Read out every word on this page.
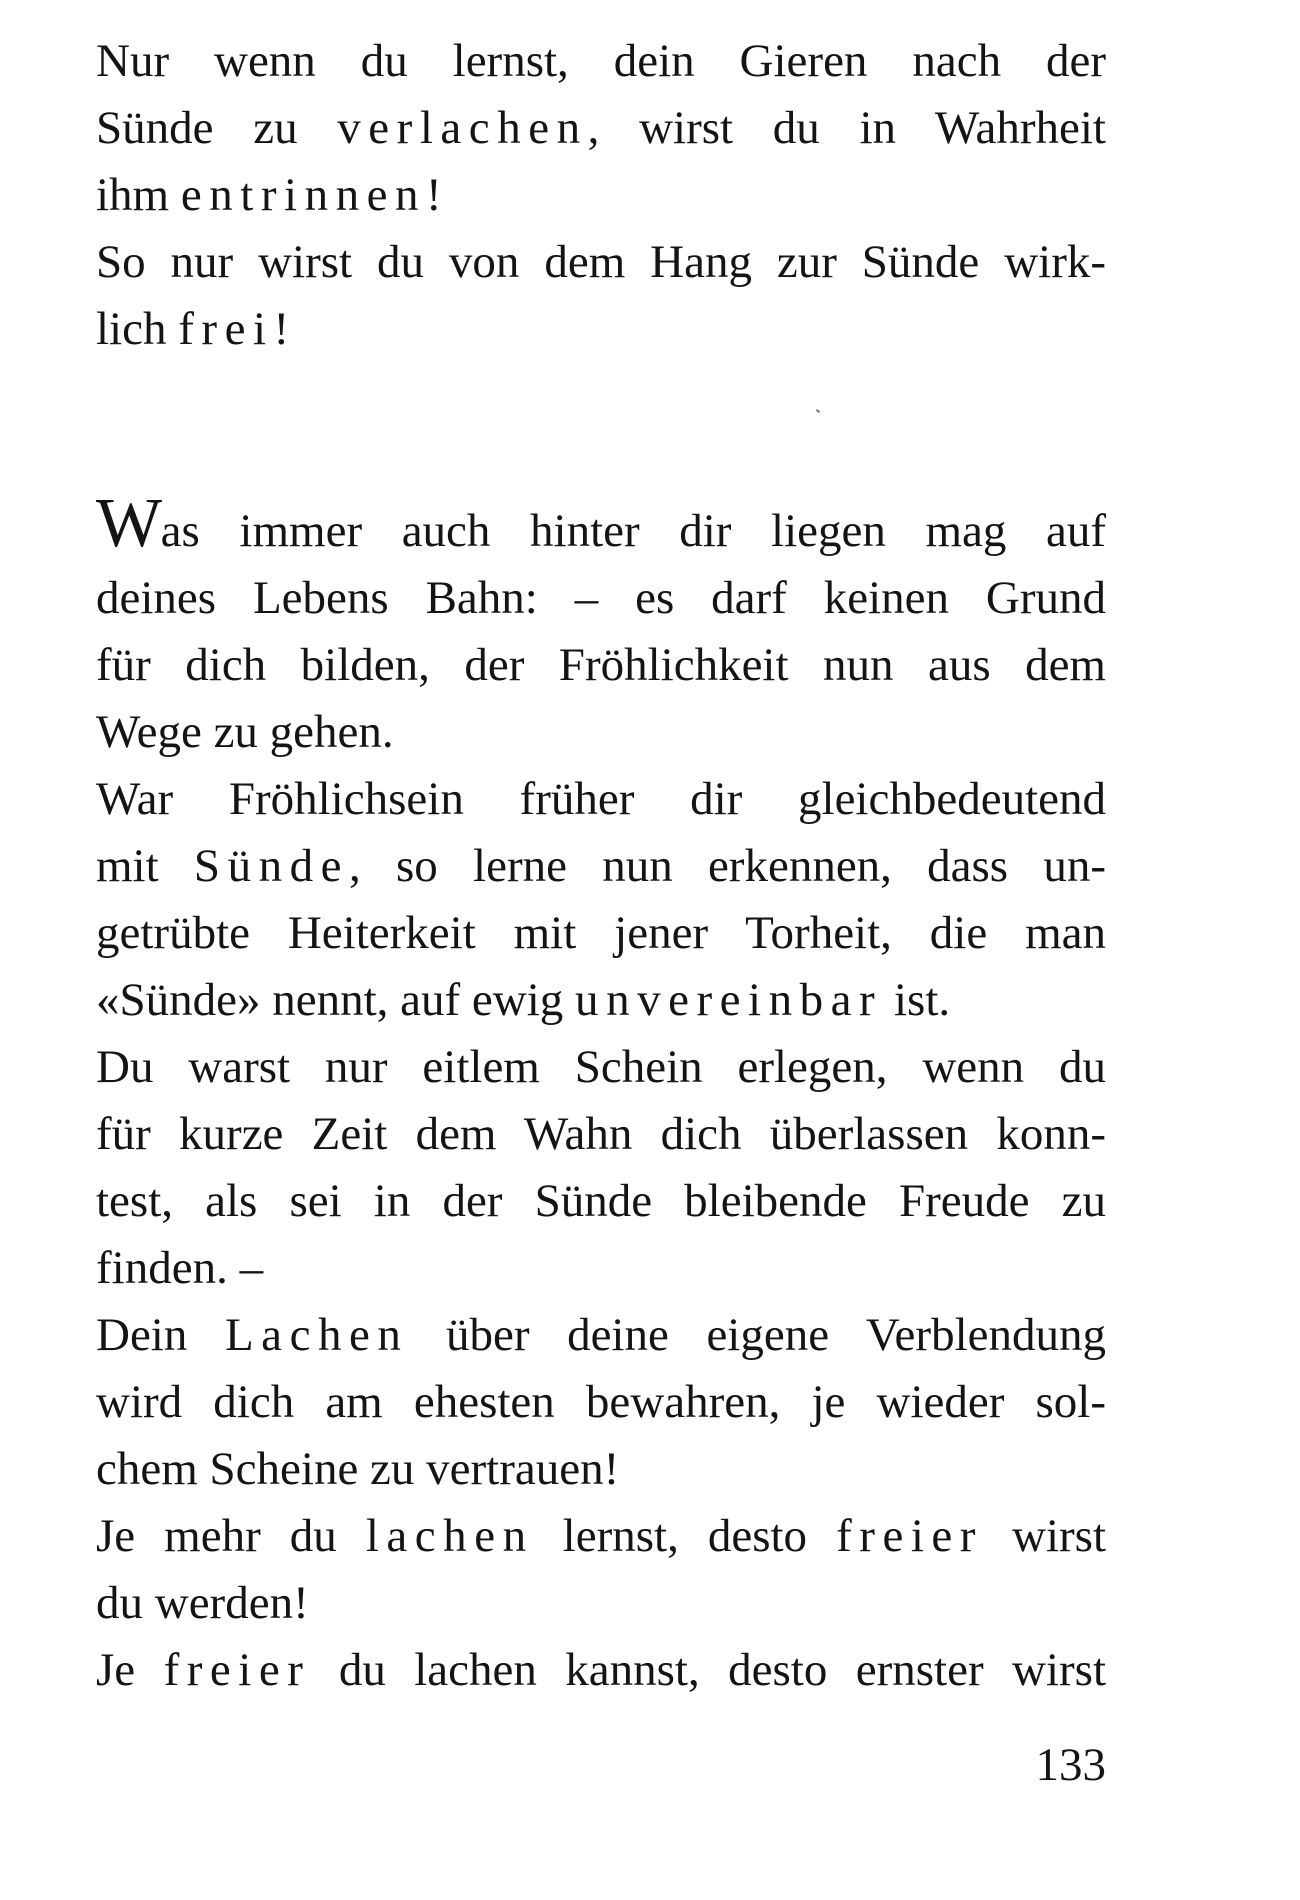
Nur wenn du lernst, dein Gieren nach der
Sünde zu verlachen, wirst du in Wahrheit
ihm entrinnen!
So nur wirst du von dem Hang zur Sünde wirk-
lich frei!
Was immer auch hinter dir liegen mag auf
deines Lebens Bahn: – es darf keinen Grund
für dich bilden, der Fröhlichkeit nun aus dem
Wege zu gehen.
War Fröhlichsein früher dir gleichbedeutend
mit Sünde, so lerne nun erkennen, dass un-
getrübte Heiterkeit mit jener Torheit, die man
«Sünde» nennt, auf ewig unvereinbar ist.
Du warst nur eitlem Schein erlegen, wenn du
für kurze Zeit dem Wahn dich überlassen konn-
test, als sei in der Sünde bleibende Freude zu
finden. –
Dein Lachen über deine eigene Verblendung
wird dich am ehesten bewahren, je wieder sol-
chem Scheine zu vertrauen!
Je mehr du lachen lernst, desto freier wirst
du werden!
Je freier du lachen kannst, desto ernster wirst
133
